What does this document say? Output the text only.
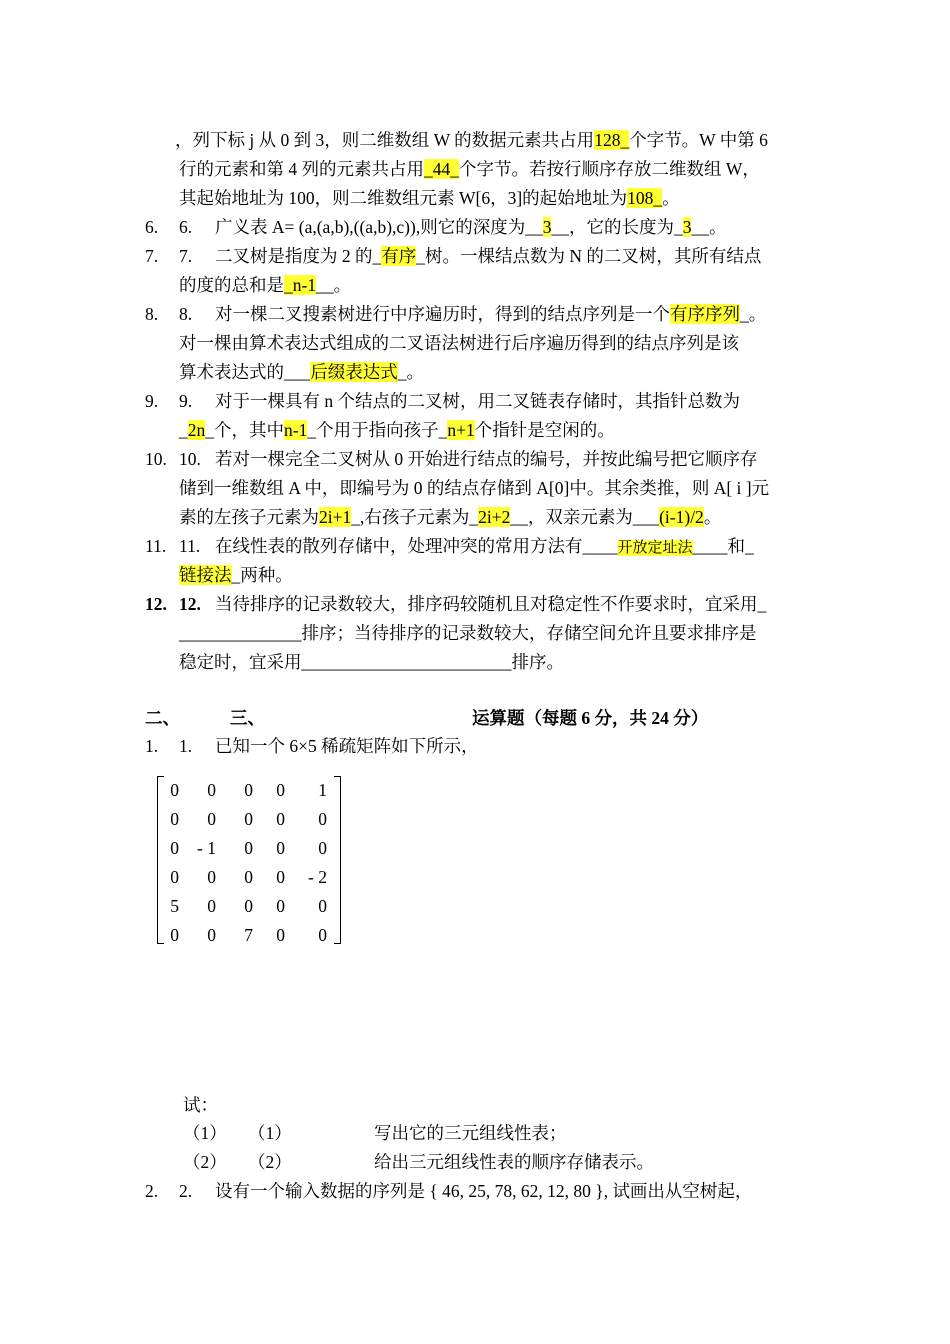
，列下标 j 从 0 到 3，则二维数组 W 的数据元素共占用128_个字节。W 中第 6
行的元素和第 4 列的元素共占用_44_个字节。若按行顺序存放二维数组 W，
其起始地址为 100，则二维数组元素 W[6，3]的起始地址为108_。
6. 6. 广义表 A= (a,(a,b),((a,b),c)),则它的深度为__3__，它的长度为_3__。
7. 7. 二叉树是指度为 2 的_有序_树。一棵结点数为 N 的二叉树，其所有结点
的度的总和是_n-1__。
8. 8. 对一棵二叉搜素树进行中序遍历时，得到的结点序列是一个有序序列_。
对一棵由算术表达式组成的二叉语法树进行后序遍历得到的结点序列是该
算术表达式的___后缀表达式_。
9. 9. 对于一棵具有 n 个结点的二叉树，用二叉链表存储时，其指针总数为
_2n_个，其中n-1_个用于指向孩子_n+1个指针是空闲的。
10. 10. 若对一棵完全二叉树从 0 开始进行结点的编号，并按此编号把它顺序存
储到一维数组 A 中，即编号为 0 的结点存储到 A[0]中。其余类推，则 A[ i ]元
素的左孩子元素为2i+1_,右孩子元素为_2i+2__，双亲元素为___(i-1)/2。
11. 11. 在线性表的散列存储中，处理冲突的常用方法有____开放定址法____和_
链接法_两种。
12. 12. 当待排序的记录数较大，排序码较随机且对稳定性不作要求时，宜采用_
______________排序；当待排序的记录数较大，存储空间允许且要求排序是
稳定时，宜采用________________________排序。
二、	三、	运算题（每题 6 分，共 24 分）
1. 1. 已知一个 6×5 稀疏矩阵如下所示，
0	0	0	0	1
0	0	0	0	0
0	- 1	0	0	0
0	0	0	0	- 2
5	0	0	0	0
0	0	7	0	0
试：
（1） （1）	写出它的三元组线性表；
（2） （2）	给出三元组线性表的顺序存储表示。
2. 2. 设有一个输入数据的序列是 { 46, 25, 78, 62, 12, 80 }, 试画出从空树起，
